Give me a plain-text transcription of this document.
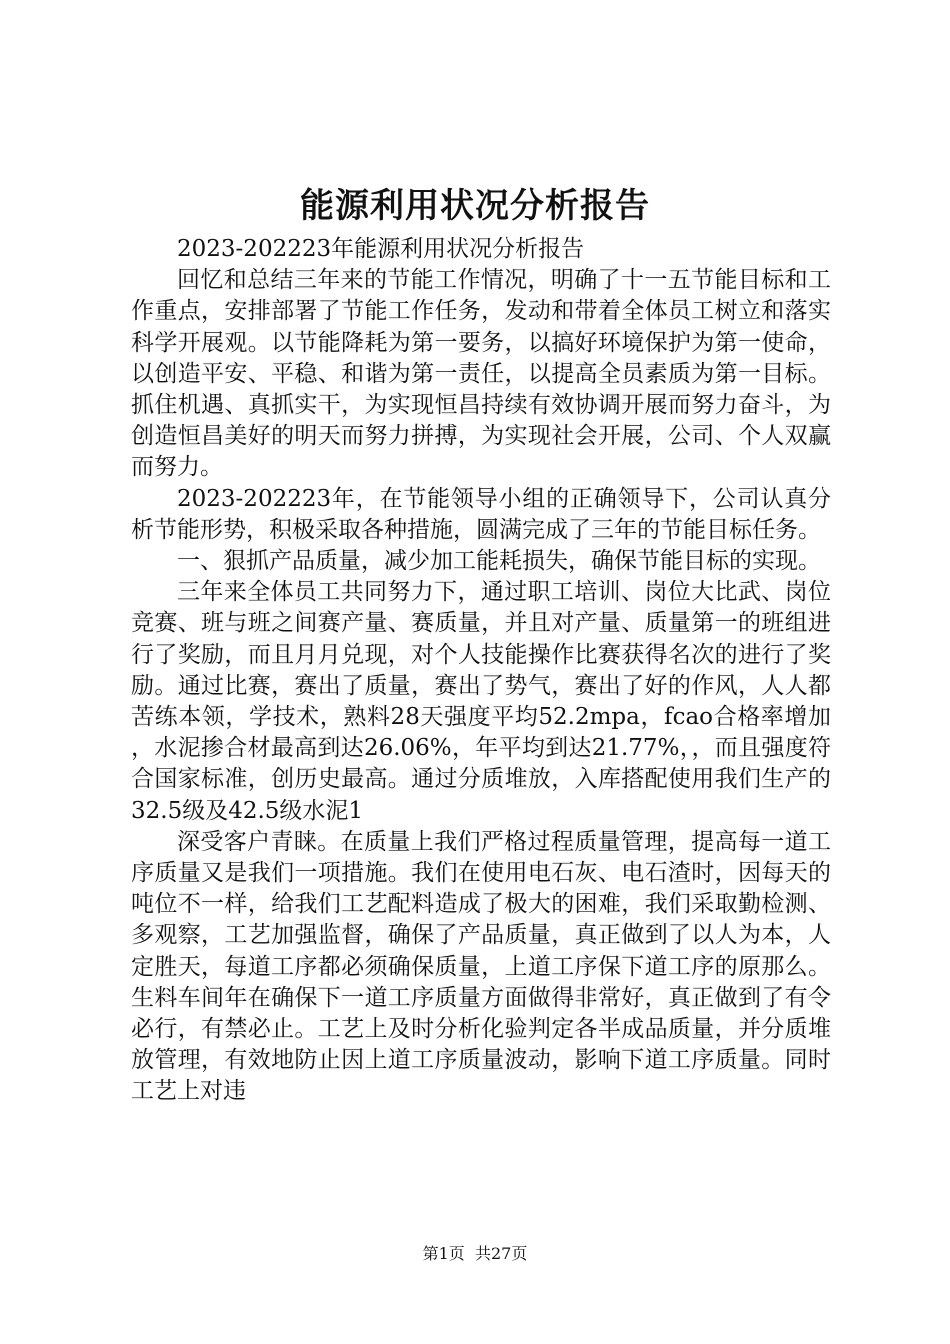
能源利用状况分析报告

2023-202223年能源利用状况分析报告

回忆和总结三年来的节能工作情况，明确了十一五节能目标和工作重点，安排部署了节能工作任务，发动和带着全体员工树立和落实科学开展观。以节能降耗为第一要务，以搞好环境保护为第一使命，以创造平安、平稳、和谐为第一责任，以提高全员素质为第一目标。抓住机遇、真抓实干，为实现恒昌持续有效协调开展而努力奋斗，为创造恒昌美好的明天而努力拼搏，为实现社会开展，公司、个人双赢而努力。

2023-202223年，在节能领导小组的正确领导下，公司认真分析节能形势，积极采取各种措施，圆满完成了三年的节能目标任务。

一、狠抓产品质量，减少加工能耗损失，确保节能目标的实现。

三年来全体员工共同努力下，通过职工培训、岗位大比武、岗位竞赛、班与班之间赛产量、赛质量，并且对产量、质量第一的班组进行了奖励，而且月月兑现，对个人技能操作比赛获得名次的进行了奖励。通过比赛，赛出了质量，赛出了势气，赛出了好的作风，人人都苦练本领，学技术，熟料28天强度平均52.2mpa，fcao合格率增加，水泥掺合材最高到达26.06%，年平均到达21.77%，，而且强度符合国家标准，创历史最高。通过分质堆放，入库搭配使用我们生产的32.5级及42.5级水泥1

深受客户青睐。在质量上我们严格过程质量管理，提高每一道工序质量又是我们一项措施。我们在使用电石灰、电石渣时，因每天的吨位不一样，给我们工艺配料造成了极大的困难，我们采取勤检测、多观察，工艺加强监督，确保了产品质量，真正做到了以人为本，人定胜天，每道工序都必须确保质量，上道工序保下道工序的原那么。生料车间年在确保下一道工序质量方面做得非常好，真正做到了有令必行，有禁必止。工艺上及时分析化验判定各半成品质量，并分质堆放管理，有效地防止因上道工序质量波动，影响下道工序质量。同时工艺上对违

第1页 共27页
